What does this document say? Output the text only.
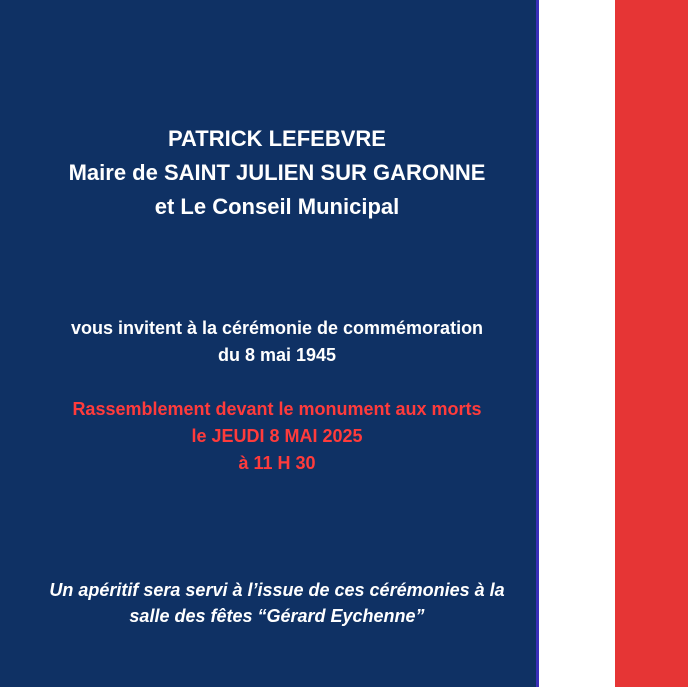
PATRICK LEFEBVRE
Maire de SAINT JULIEN SUR GARONNE
et Le Conseil Municipal
vous invitent à la cérémonie de commémoration
du 8 mai 1945
Rassemblement devant le monument aux morts
le JEUDI 8 MAI 2025
à 11 H 30
Un apéritif sera servi à l’issue de ces cérémonies à la
salle des fêtes “Gérard Eychenne”
